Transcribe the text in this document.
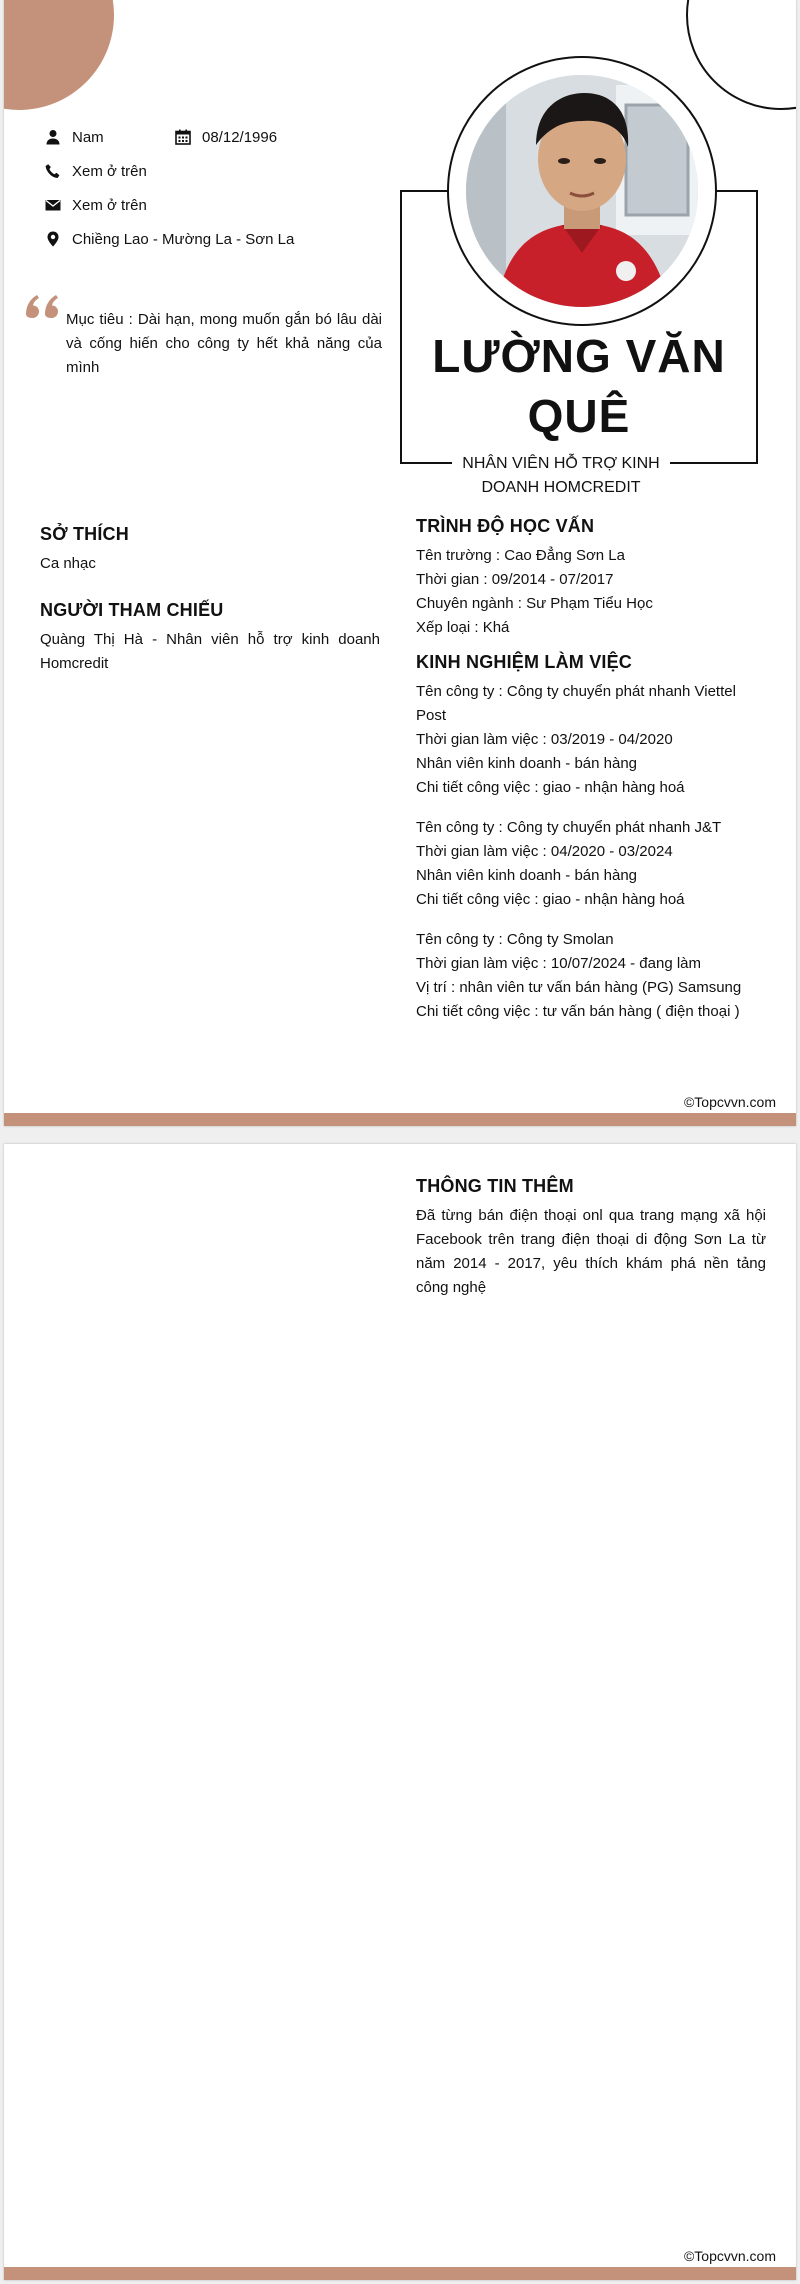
Nam	08/12/1996
Xem ở trên
Xem ở trên
Chiềng Lao - Mường La - Sơn La
Mục tiêu : Dài hạn, mong muốn gắn bó lâu dài và cống hiến cho công ty hết khả năng của mình	LƯỜNG VĂN
QUÊ
NHÂN VIÊN HỖ TRỢ KINH DOANH HOMCREDIT
SỞ THÍCH
Ca nhạc
NGƯỜI THAM CHIẾU
Quàng Thị Hà - Nhân viên hỗ trợ kinh doanh Homcredit
TRÌNH ĐỘ HỌC VẤN
Tên trường : Cao Đẳng Sơn La
Thời gian : 09/2014 - 07/2017
Chuyên ngành : Sư Phạm Tiểu Học
Xếp loại : Khá
KINH NGHIỆM LÀM VIỆC
Tên công ty : Công ty chuyển phát nhanh Viettel Post
Thời gian làm việc : 03/2019 - 04/2020
Nhân viên kinh doanh - bán hàng
Chi tiết công việc : giao - nhận hàng hoá
Tên công ty : Công ty chuyển phát nhanh J&T
Thời gian làm việc : 04/2020 - 03/2024
Nhân viên kinh doanh - bán hàng
Chi tiết công việc : giao - nhận hàng hoá
Tên công ty : Công ty Smolan
Thời gian làm việc : 10/07/2024 - đang làm
Vị trí : nhân viên tư vấn bán hàng (PG) Samsung
Chi tiết công việc : tư vấn bán hàng ( điện thoại )
©Topcvvn.com
THÔNG TIN THÊM
Đã từng bán điện thoại onl qua trang mạng xã hội Facebook trên trang điện thoại di động Sơn La từ năm 2014 - 2017, yêu thích khám phá nền tảng công nghệ
©Topcvvn.com
